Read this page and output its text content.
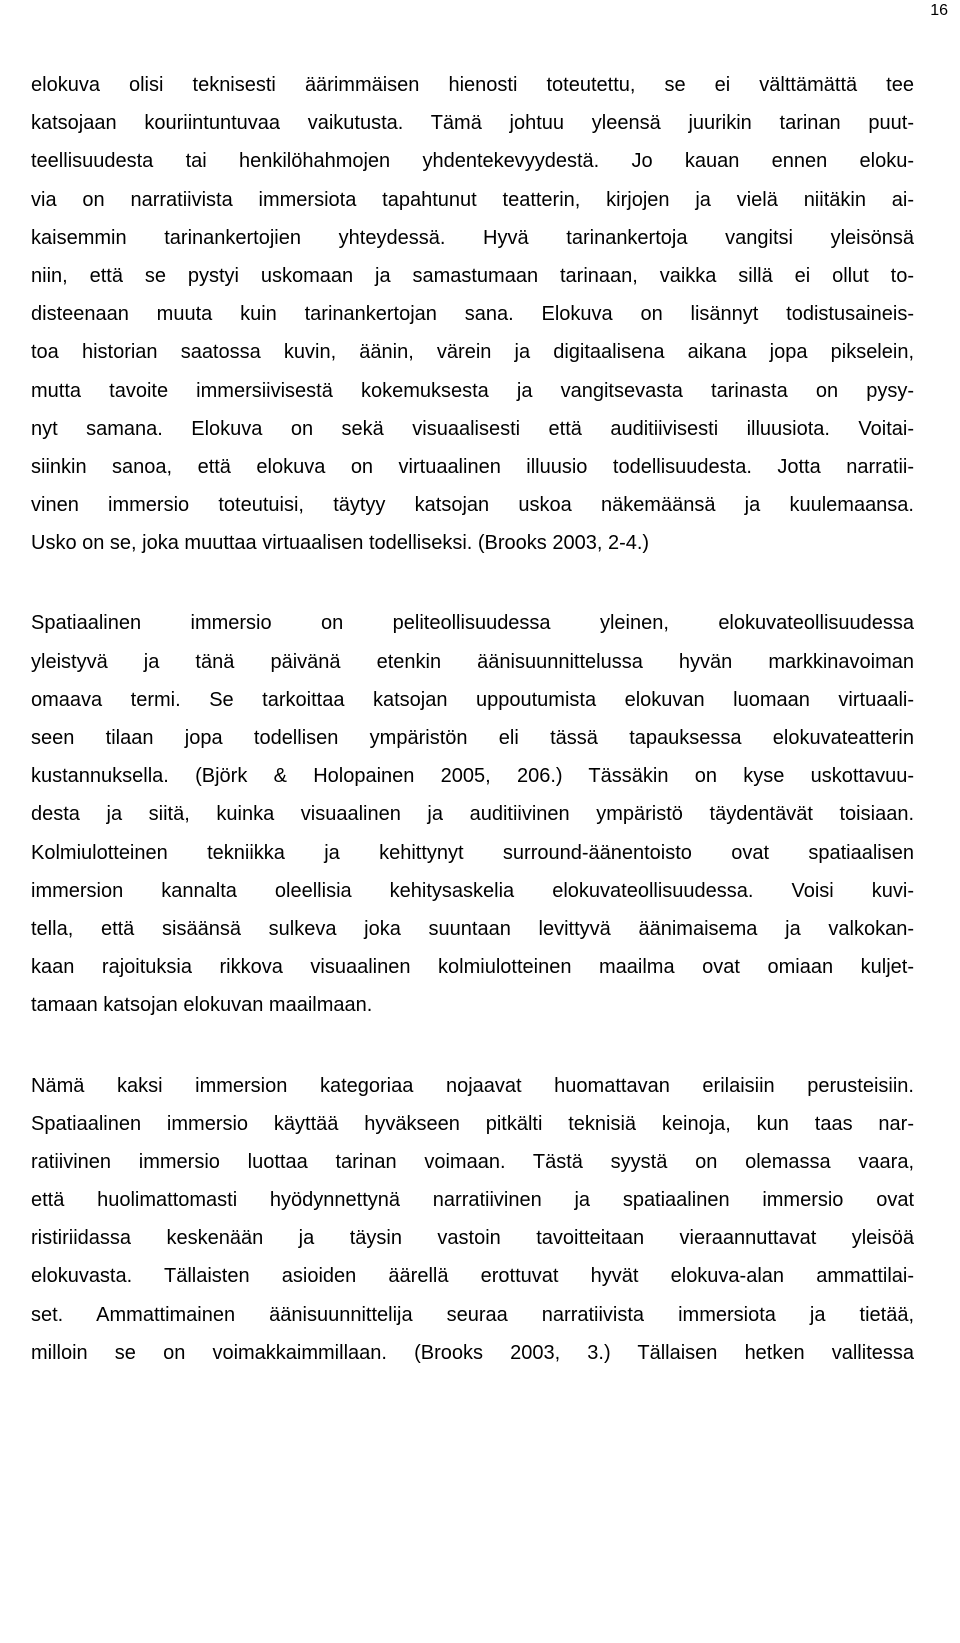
16
elokuva olisi teknisesti äärimmäisen hienosti toteutettu, se ei välttämättä tee
katsojaan kouriintuntuvaa vaikutusta. Tämä johtuu yleensä juurikin tarinan puut-
teellisuudesta tai henkilöhahmojen yhdentekevyydestä. Jo kauan ennen eloku-
via on narratiivista immersiota tapahtunut teatterin, kirjojen ja vielä niitäkin ai-
kaisemmin tarinankertojien yhteydessä. Hyvä tarinankertoja vangitsi yleisönsä
niin, että se pystyi uskomaan ja samastumaan tarinaan, vaikka sillä ei ollut to-
disteenaan muuta kuin tarinankertojan sana. Elokuva on lisännyt todistusaineis-
toa historian saatossa kuvin, äänin, värein ja digitaalisena aikana jopa pikselein,
mutta tavoite immersiivisestä kokemuksesta ja vangitsevasta tarinasta on pysy-
nyt samana. Elokuva on sekä visuaalisesti että auditiivisesti illuusiota. Voitai-
siinkin sanoa, että elokuva on virtuaalinen illuusio todellisuudesta. Jotta narratii-
vinen immersio toteutuisi, täytyy katsojan uskoa näkemäänsä ja kuulemaansa.
Usko on se, joka muuttaa virtuaalisen todelliseksi. (Brooks 2003, 2-4.)
Spatiaalinen immersio on peliteollisuudessa yleinen, elokuvateollisuudessa
yleistyvä ja tänä päivänä etenkin äänisuunnittelussa hyvän markkinavoiman
omaava termi. Se tarkoittaa katsojan uppoutumista elokuvan luomaan virtuaali-
seen tilaan jopa todellisen ympäristön eli tässä tapauksessa elokuvateatterin
kustannuksella. (Björk & Holopainen 2005, 206.) Tässäkin on kyse uskottavuu-
desta ja siitä, kuinka visuaalinen ja auditiivinen ympäristö täydentävät toisiaan.
Kolmiulotteinen tekniikka ja kehittynyt surround-äänentoisto ovat spatiaalisen
immersion kannalta oleellisia kehitysaskelia elokuvateollisuudessa. Voisi kuvi-
tella, että sisäänsä sulkeva joka suuntaan levittyvä äänimaisema ja valkokan-
kaan rajoituksia rikkova visuaalinen kolmiulotteinen maailma ovat omiaan kuljet-
tamaan katsojan elokuvan maailmaan.
Nämä kaksi immersion kategoriaa nojaavat huomattavan erilaisiin perusteisiin.
Spatiaalinen immersio käyttää hyväkseen pitkälti teknisiä keinoja, kun taas nar-
ratiivinen immersio luottaa tarinan voimaan. Tästä syystä on olemassa vaara,
että huolimattomasti hyödynnettynä narratiivinen ja spatiaalinen immersio ovat
ristiriidassa keskenään ja täysin vastoin tavoitteitaan vieraannuttavat yleisöä
elokuvasta. Tällaisten asioiden äärellä erottuvat hyvät elokuva-alan ammattilai-
set. Ammattimainen äänisuunnittelija seuraa narratiivista immersiota ja tietää,
milloin se on voimakkaimmillaan. (Brooks 2003, 3.) Tällaisen hetken vallitessa
